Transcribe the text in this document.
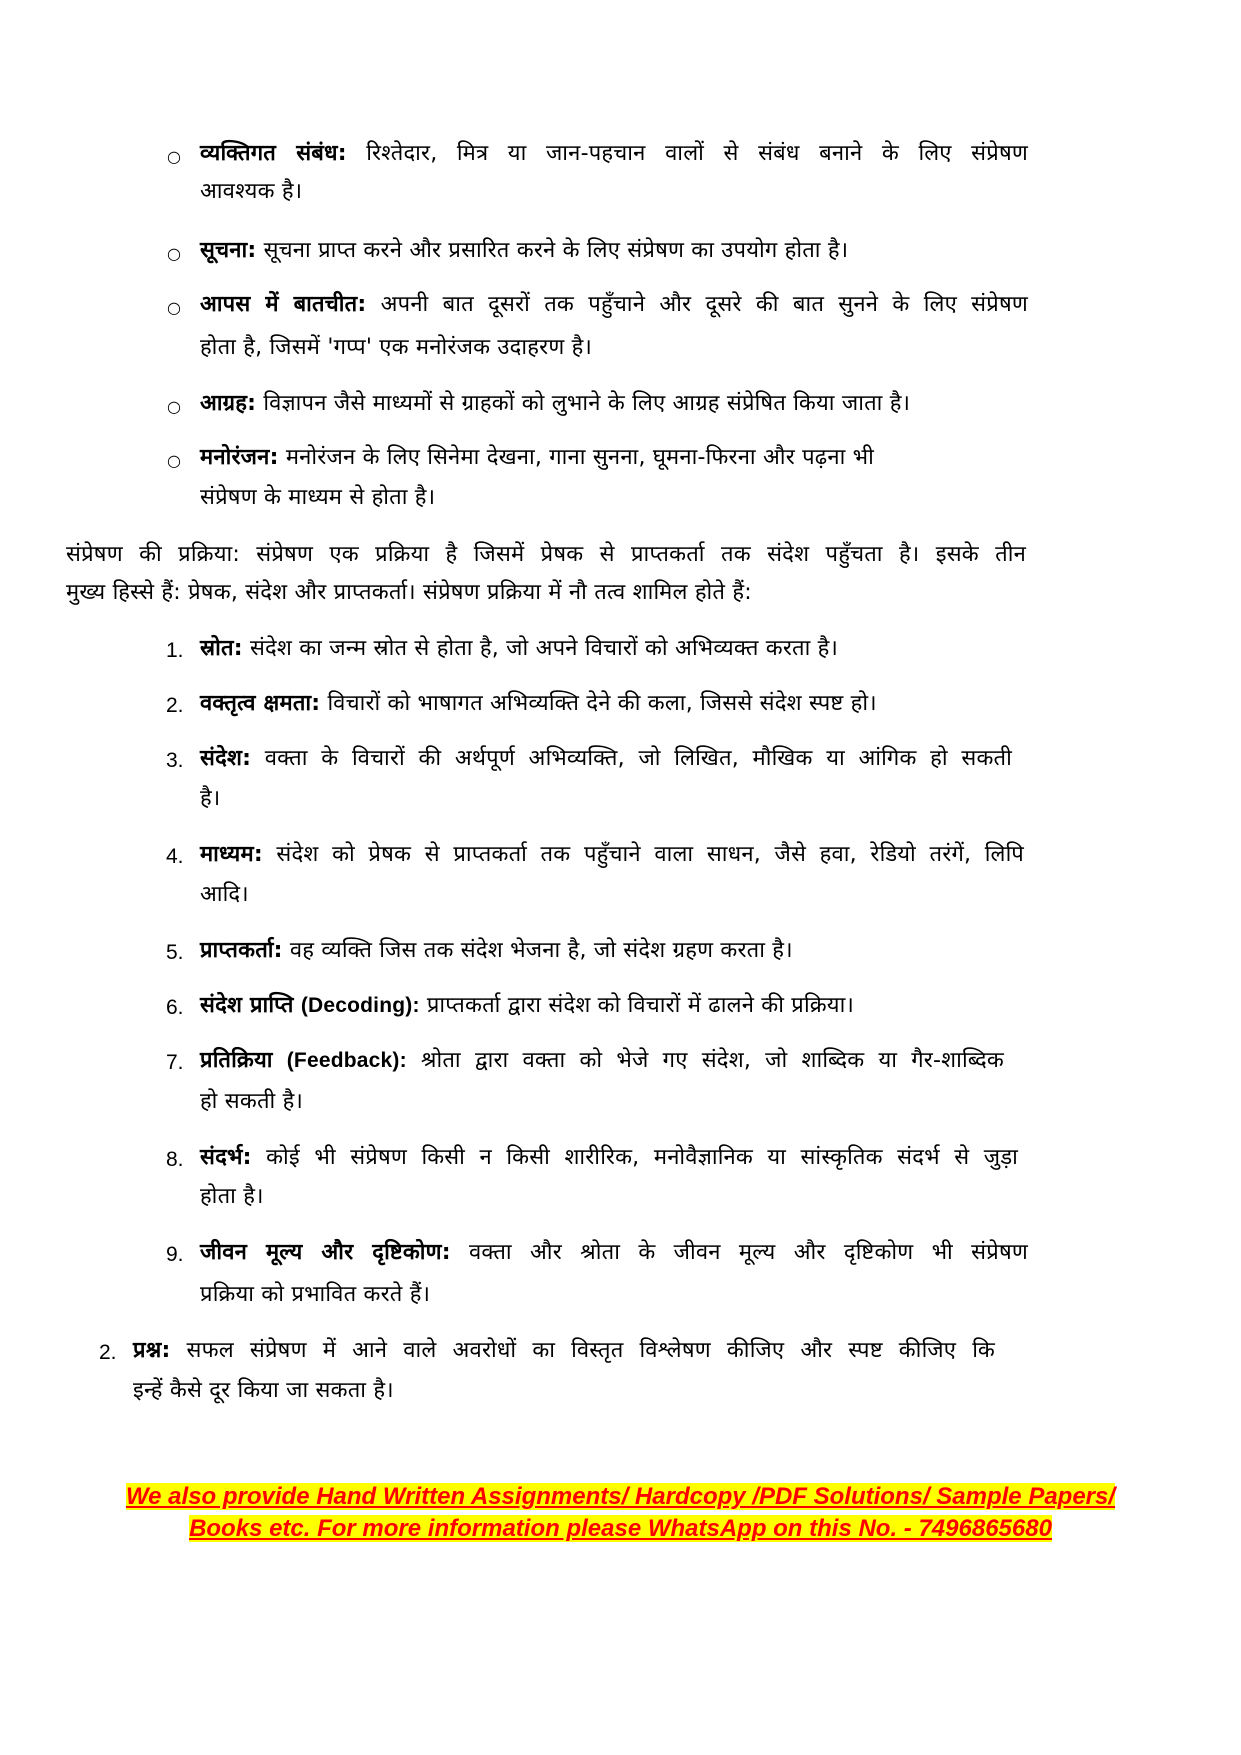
○ व्यक्तिगत संबंध: रिश्तेदार, मित्र या जान-पहचान वालों से संबंध बनाने के लिए संप्रेषण
आवश्यक है।
○ सूचना: सूचना प्राप्त करने और प्रसारित करने के लिए संप्रेषण का उपयोग होता है।
○ आपस में बातचीत: अपनी बात दूसरों तक पहुँचाने और दूसरे की बात सुनने के लिए संप्रेषण
होता है, जिसमें 'गप्प' एक मनोरंजक उदाहरण है।
○ आग्रह: विज्ञापन जैसे माध्यमों से ग्राहकों को लुभाने के लिए आग्रह संप्रेषित किया जाता है।
○ मनोरंजन: मनोरंजन के लिए सिनेमा देखना, गाना सुनना, घूमना-फिरना और पढ़ना भी
संप्रेषण के माध्यम से होता है।
संप्रेषण की प्रक्रिया: संप्रेषण एक प्रक्रिया है जिसमें प्रेषक से प्राप्तकर्ता तक संदेश पहुँचता है। इसके तीन
मुख्य हिस्से हैं: प्रेषक, संदेश और प्राप्तकर्ता। संप्रेषण प्रक्रिया में नौ तत्व शामिल होते हैं:
1. स्रोत: संदेश का जन्म स्रोत से होता है, जो अपने विचारों को अभिव्यक्त करता है।
2. वक्तृत्व क्षमता: विचारों को भाषागत अभिव्यक्ति देने की कला, जिससे संदेश स्पष्ट हो।
3. संदेश: वक्ता के विचारों की अर्थपूर्ण अभिव्यक्ति, जो लिखित, मौखिक या आंगिक हो सकती
है।
4. माध्यम: संदेश को प्रेषक से प्राप्तकर्ता तक पहुँचाने वाला साधन, जैसे हवा, रेडियो तरंगें, लिपि
आदि।
5. प्राप्तकर्ता: वह व्यक्ति जिस तक संदेश भेजना है, जो संदेश ग्रहण करता है।
6. संदेश प्राप्ति (Decoding): प्राप्तकर्ता द्वारा संदेश को विचारों में ढालने की प्रक्रिया।
7. प्रतिक्रिया (Feedback): श्रोता द्वारा वक्ता को भेजे गए संदेश, जो शाब्दिक या गैर-शाब्दिक
हो सकती है।
8. संदर्भ: कोई भी संप्रेषण किसी न किसी शारीरिक, मनोवैज्ञानिक या सांस्कृतिक संदर्भ से जुड़ा
होता है।
9. जीवन मूल्य और दृष्टिकोण: वक्ता और श्रोता के जीवन मूल्य और दृष्टिकोण भी संप्रेषण
प्रक्रिया को प्रभावित करते हैं।
2. प्रश्न: सफल संप्रेषण में आने वाले अवरोधों का विस्तृत विश्लेषण कीजिए और स्पष्ट कीजिए कि
इन्हें कैसे दूर किया जा सकता है।
We also provide Hand Written Assignments/ Hardcopy /PDF Solutions/ Sample Papers/
Books etc. For more information please WhatsApp on this No. - 7496865680
